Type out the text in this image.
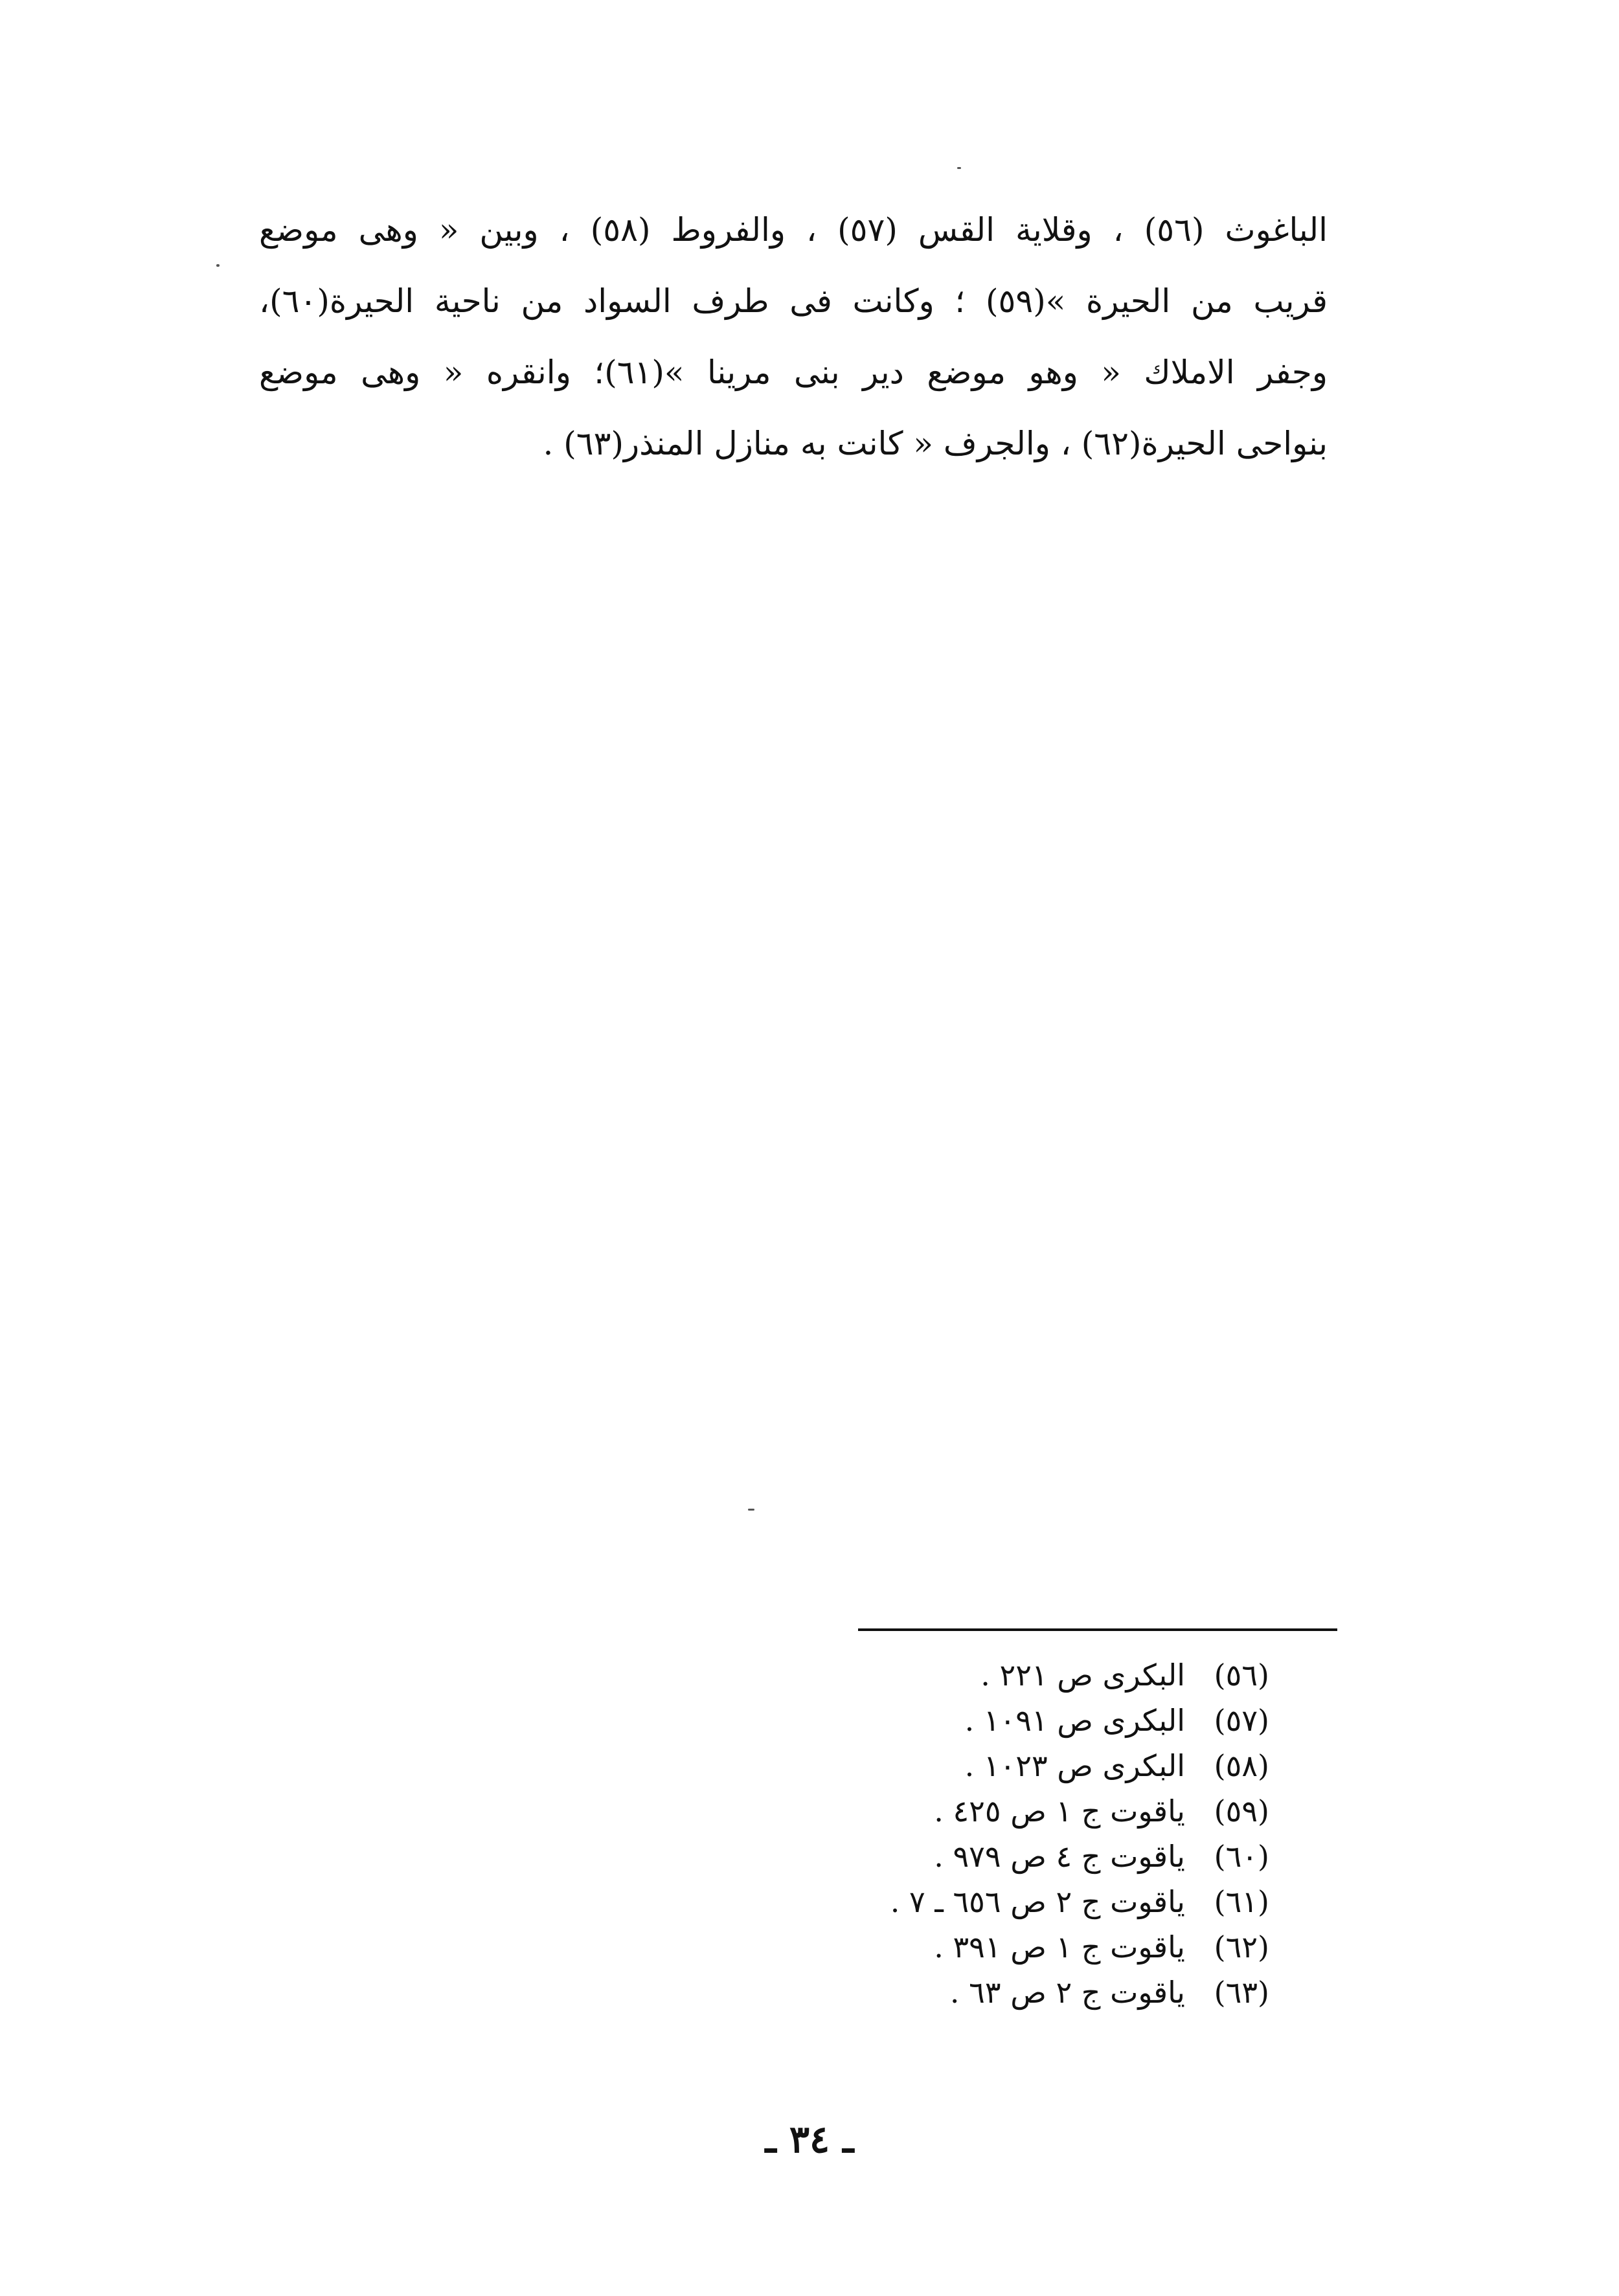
الباغوث (٥٦) ، وقلاية القس (٥٧) ، والفروط (٥٨) ، وبين « وهى موضع
قريب من الحيرة »(٥٩) ؛ وكانت فى طرف السواد من ناحية الحيرة(٦٠)،
وجفر الاملاك « وهو موضع دير بنى مرينا »(٦١)؛ وانقره « وهى موضع
بنواحى الحيرة(٦٢) ، والجرف « كانت به منازل المنذر(٦٣) .
(٥٦)
البكرى ص ٢٢١ .
(٥٧)
البكرى ص ١٠٩١ .
(٥٨)
البكرى ص ١٠٢٣ .
(٥٩)
ياقوت ج ١ ص ٤٢٥ .
(٦٠)
ياقوت ج ٤ ص ٩٧٩ .
(٦١)
ياقوت ج ٢ ص ٦٥٦ ـ ٧ .
(٦٢)
ياقوت ج ١ ص ٣٩١ .
(٦٣)
ياقوت ج ٢ ص ٦٣ .
ـ ٣٤ ـ
